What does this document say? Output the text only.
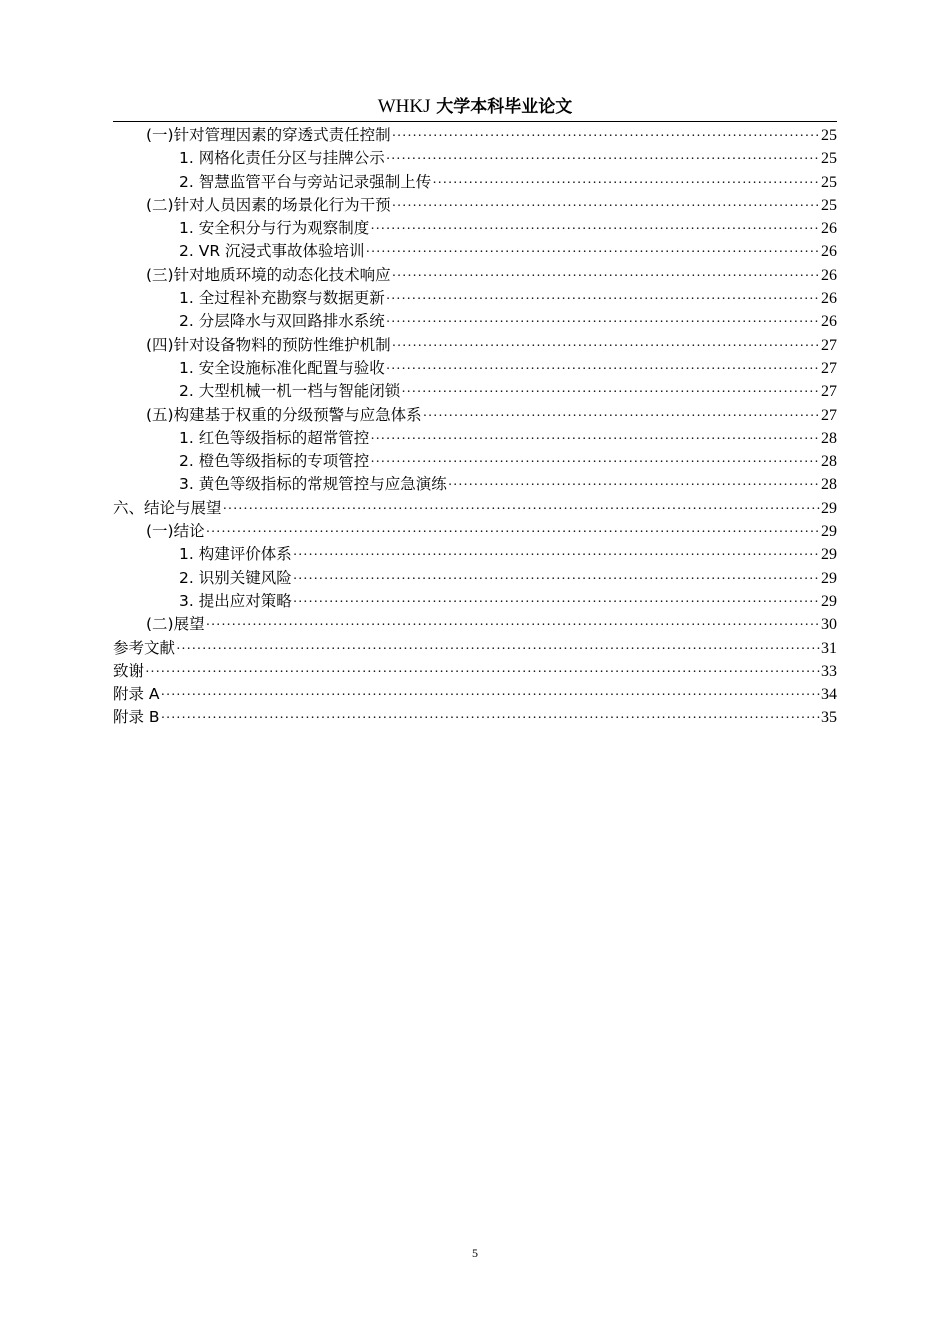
WHKJ 大学本科毕业论文
(一)针对管理因素的穿透式责任控制 ·····	25
1. 网格化责任分区与挂牌公示 ·····	25
2. 智慧监管平台与旁站记录强制上传 ·····	25
(二)针对人员因素的场景化行为干预 ·····	25
1. 安全积分与行为观察制度 ·····	26
2. VR 沉浸式事故体验培训 ·····	26
(三)针对地质环境的动态化技术响应 ·····	26
1. 全过程补充勘察与数据更新 ·····	26
2. 分层降水与双回路排水系统 ·····	26
(四)针对设备物料的预防性维护机制 ·····	27
1. 安全设施标准化配置与验收 ·····	27
2. 大型机械一机一档与智能闭锁 ·····	27
(五)构建基于权重的分级预警与应急体系 ·····	27
1. 红色等级指标的超常管控 ·····	28
2. 橙色等级指标的专项管控 ·····	28
3. 黄色等级指标的常规管控与应急演练 ·····	28
六、结论与展望 ·····	29
(一)结论 ·····	29
1. 构建评价体系 ·····	29
2. 识别关键风险 ·····	29
3. 提出应对策略 ·····	29
(二)展望 ·····	30
参考文献 ·····	31
致谢 ·····	33
附录 A ·····	34
附录 B ·····	35
5
